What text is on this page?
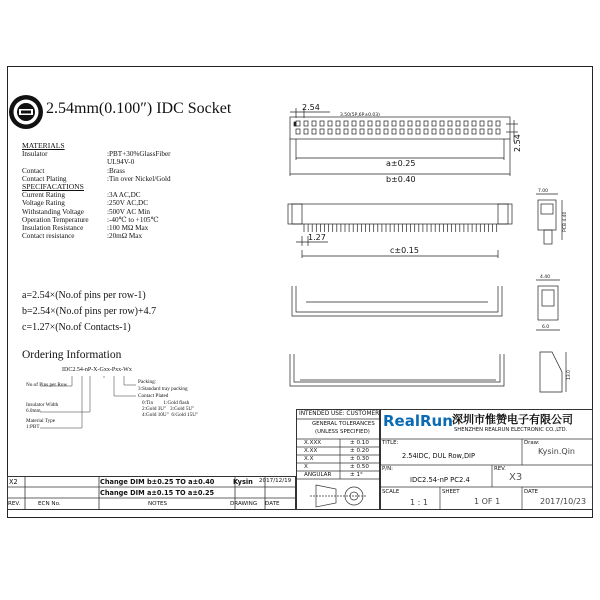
2.54mm(0.100″) IDC Socket
MATERIALS
Insulator	:PBT+30%GlassFiber
UL94V-0
Contact	:Brass
Contact Plating	:Tin over Nickel/Gold
SPECIFACATIONS
Current Rating	:3A AC,DC
Voltage Rating	:250V AC,DC
Withstanding Voltage	:500V AC Min
Operation Temperature	:-40℃ to +105℃
Insulation Resistance	:100 MΩ Max
Contact resistance	:20mΩ Max
a=2.54×(No.of pins per row-1)
b=2.54×(No.of pins per row)+4.7
c=1.27×(No.of Contacts-1)
Ordering Information
IDC2.54-nP-X-Gxx-Pxx-Wx
Packing:
3:Standard tray packing
No.of Pins per Row
Contact Plated
0:Tin        1:Gold flash
2:Gold 3U"   3:Gold 5U"
4:Gold 10U"  6:Gold 15U"
Insulator Width
6.0mm
Material Type
1:PBT
2.54
2.54
3.50(5P,6P±0.03)
a±0.25
b±0.40
1.27
c±0.15
7.00
PCB 4.40
4.40
6.0
13.0
X2	Change DIM b±0.25 TO a±0.40	Kysin 2017/12/19
Change DIM a±0.15 TO a±0.25
REV.	ECN No.	NOTES	DRAWING DATE
INTENDED USE: CUSTOMER
GENERAL TOLERANCES
(UNLESS SPECIFIED)
X.XXX	± 0.10
X.XX	± 0.20
X.X	± 0.30
X	± 0.50
ANGULAR	± 1°
RealRun 深圳市惟赞电子有限公司
SHENZHEN REALRUN ELECTRONIC CO.,LTD.
TITLE:
2.54IDC, DUL Row,DIP
Draw:
Kysin.Qin
P/N:
IDC2.54-nP PC2.4
REV.
X3
SCALE
1 : 1
SHEET
1 OF 1
DATE
2017/10/23
